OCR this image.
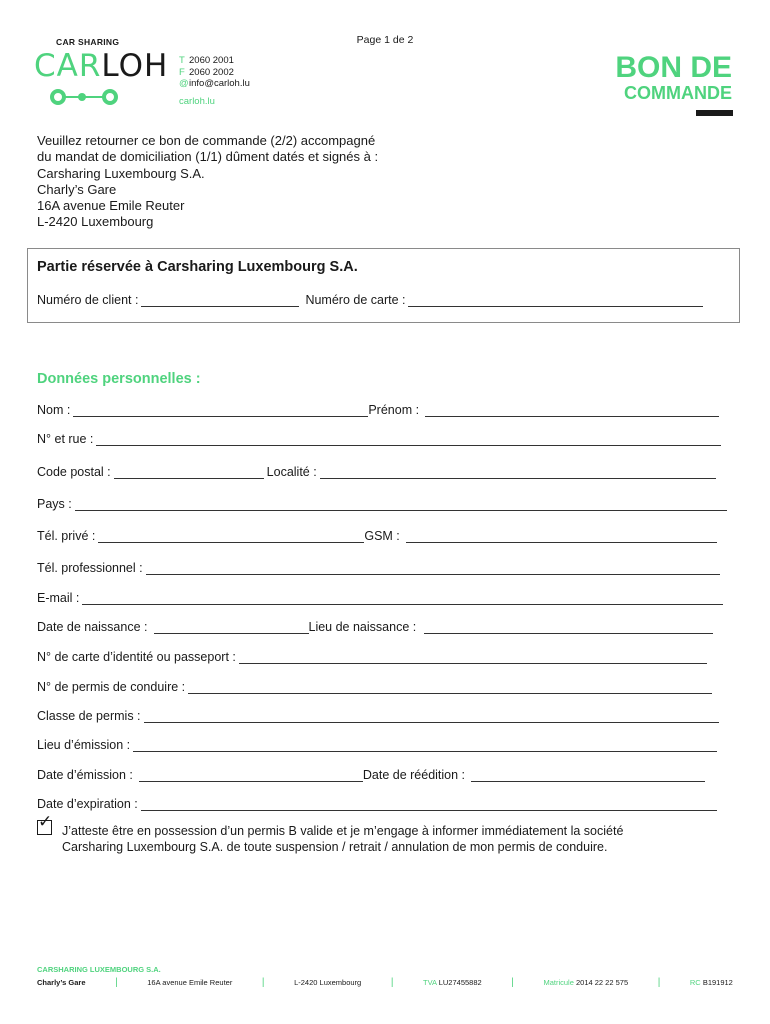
Page 1 de 2
CAR SHARING
CARLOH T 2060 2001
F 2060 2002
@info@carloh.lu
carloh.lu
BON DE
COMMANDE
Veuillez retourner ce bon de commande (2/2) accompagné
du mandat de domiciliation (1/1) dûment datés et signés à :
Carsharing Luxembourg S.A.
Charly’s Gare
16A avenue Emile Reuter
L-2420 Luxembourg
Partie réservée à Carsharing Luxembourg S.A.
Numéro de client :	Numéro de carte :
Données personnelles :
Nom :	Prénom :
N° et rue :
Code postal :	Localité :
Pays :
Tél. privé :	GSM :
Tél. professionnel :
E-mail :
Date de naissance :	Lieu de naissance :
N° de carte d’identité ou passeport :
N° de permis de conduire :
Classe de permis :
Lieu d’émission :
Date d’émission :	Date de réédition :
Date d’expiration :
✓ J’atteste être en possession d’un permis B valide et je m’engage à informer immédiatement la société
Carsharing Luxembourg S.A. de toute suspension / retrait / annulation de mon permis de conduire.
CARSHARING LUXEMBOURG S.A.
Charly’s Gare	|	16A avenue Emile Reuter	|	L-2420 Luxembourg	|	TVA LU27455882	|	Matricule 2014 22 22 575	|	RC B191912
